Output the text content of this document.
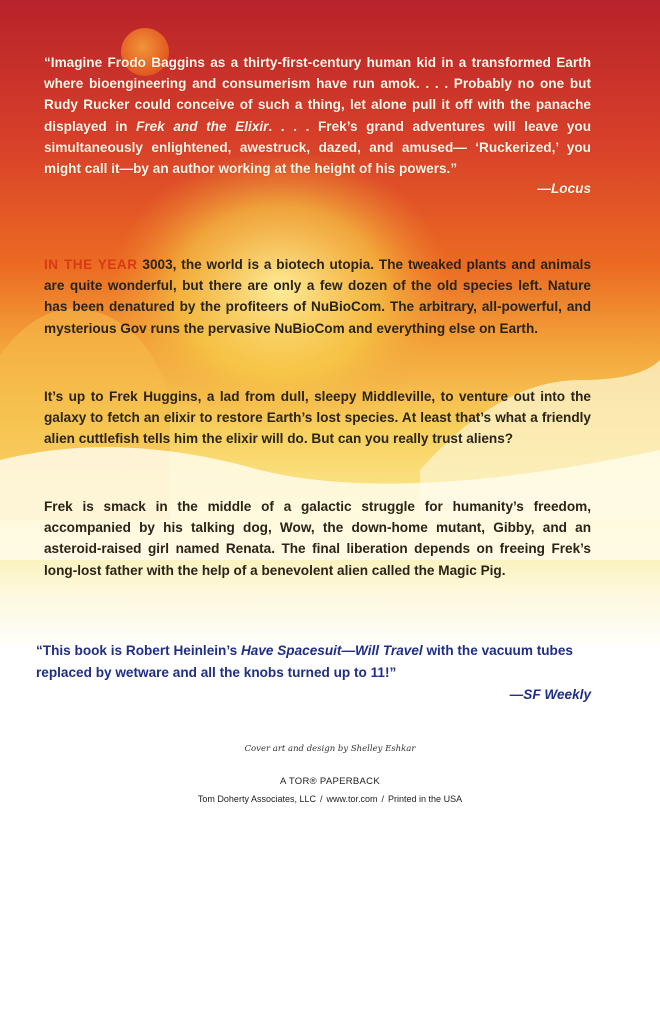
“Imagine Frodo Baggins as a thirty-first-century human kid in a transformed Earth where bioengineering and consumerism have run amok. . . . Probably no one but Rudy Rucker could conceive of such a thing, let alone pull it off with the panache displayed in Frek and the Elixir. . . . Frek’s grand adventures will leave you simultaneously enlightened, awestruck, dazed, and amused— ‘Ruckerized,’ you might call it—by an author working at the height of his powers.”
—Locus
IN THE YEAR 3003, the world is a biotech utopia. The tweaked plants and animals are quite wonderful, but there are only a few dozen of the old species left. Nature has been denatured by the profiteers of NuBioCom. The arbitrary, all-powerful, and mysterious Gov runs the pervasive NuBioCom and everything else on Earth.
It’s up to Frek Huggins, a lad from dull, sleepy Middleville, to venture out into the galaxy to fetch an elixir to restore Earth’s lost species. At least that’s what a friendly alien cuttlefish tells him the elixir will do. But can you really trust aliens?
Frek is smack in the middle of a galactic struggle for humanity’s freedom, accompanied by his talking dog, Wow, the down-home mutant, Gibby, and an asteroid-raised girl named Renata. The final liberation depends on freeing Frek’s long-lost father with the help of a benevolent alien called the Magic Pig.
“This book is Robert Heinlein’s Have Spacesuit—Will Travel with the vacuum tubes replaced by wetware and all the knobs turned up to 11!”
—SF Weekly
Cover art and design by Shelley Eshkar
A TOR® PAPERBACK
Tom Doherty Associates, LLC / www.tor.com / Printed in the USA
